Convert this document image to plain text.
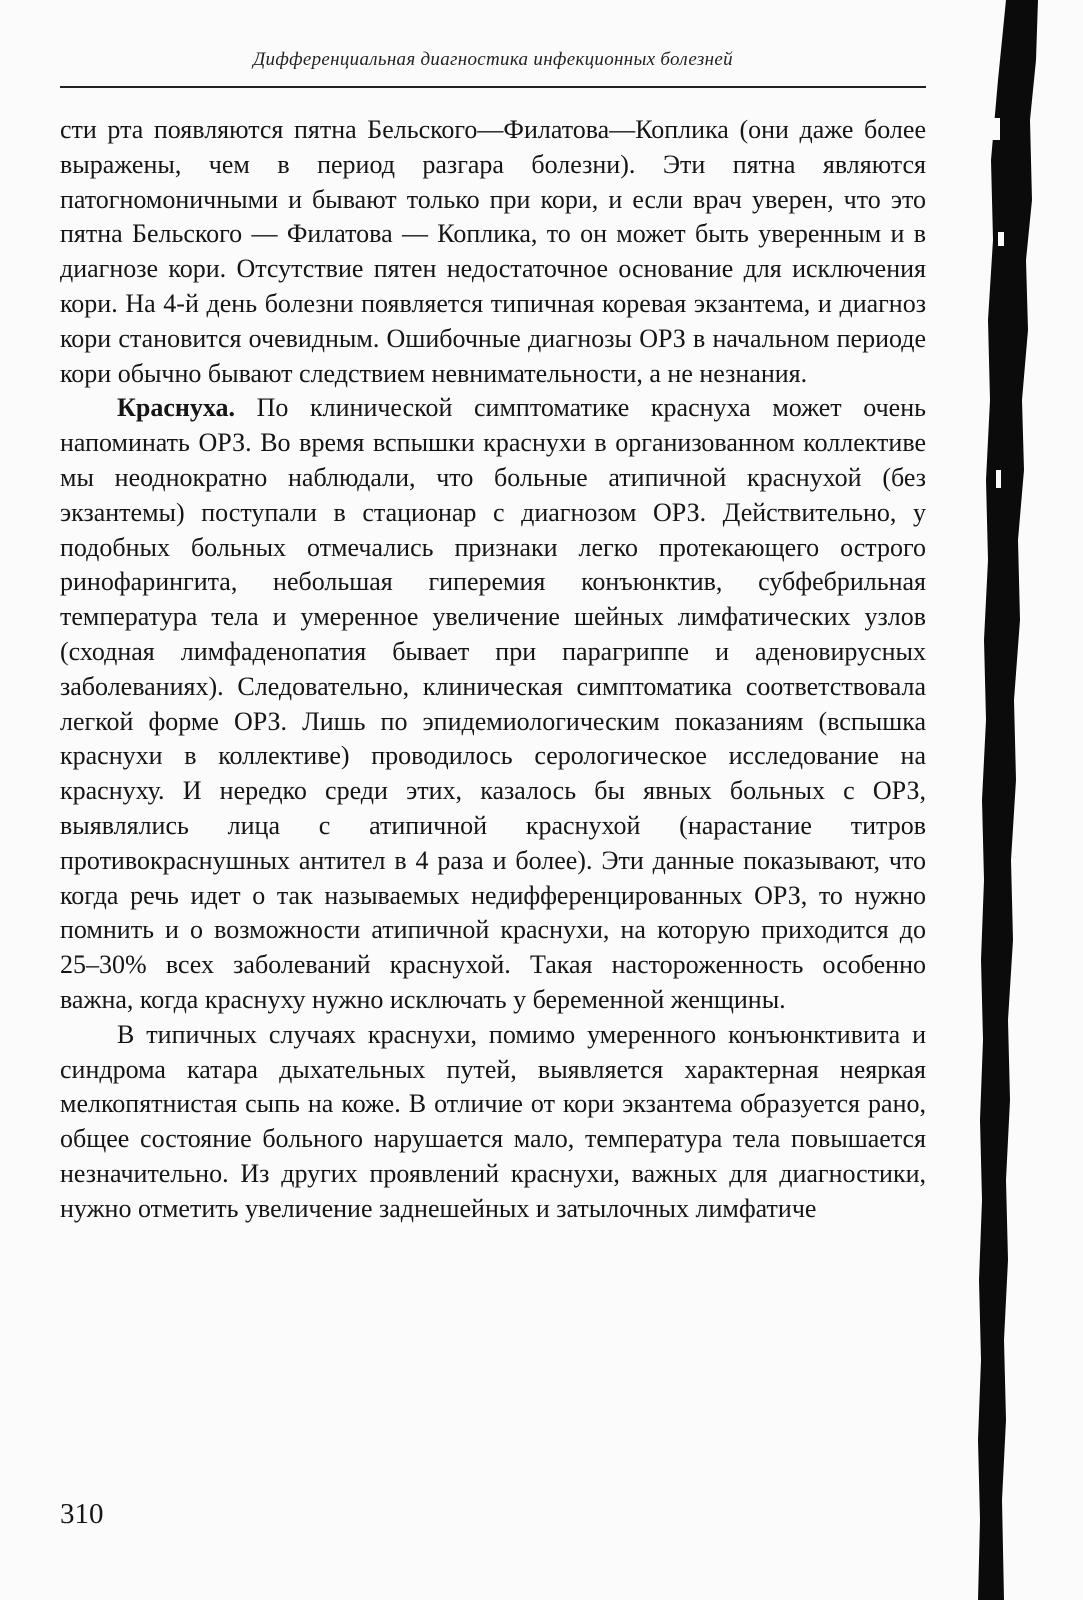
Дифференциальная диагностика инфекционных болезней

сти рта появляются пятна Бельского—Филатова—Коплика (они даже более выражены, чем в период разгара болезни). Эти пятна являются патогномоничными и бывают только при кори, и если врач уверен, что это пятна Бельского — Филатова — Коплика, то он может быть уверенным и в диагнозе кори. Отсутствие пятен недостаточное основание для исключения кори. На 4-й день болезни появляется типичная коревая экзантема, и диагноз кори становится очевидным. Ошибочные диагнозы ОРЗ в начальном периоде кори обычно бывают следствием невнимательности, а не незнания.

Краснуха. По клинической симптоматике краснуха может очень напоминать ОРЗ. Во время вспышки краснухи в организованном коллективе мы неоднократно наблюдали, что больные атипичной краснухой (без экзантемы) поступали в стационар с диагнозом ОРЗ. Действительно, у подобных больных отмечались признаки легко протекающего острого ринофарингита, небольшая гиперемия конъюнктив, субфебрильная температура тела и умеренное увеличение шейных лимфатических узлов (сходная лимфаденопатия бывает при парагриппе и аденовирусных заболеваниях). Следовательно, клиническая симптоматика соответствовала легкой форме ОРЗ. Лишь по эпидемиологическим показаниям (вспышка краснухи в коллективе) проводилось серологическое исследование на краснуху. И нередко среди этих, казалось бы явных больных с ОРЗ, выявлялись лица с атипичной краснухой (нарастание титров противокраснушных антител в 4 раза и более). Эти данные показывают, что когда речь идет о так называемых недифференцированных ОРЗ, то нужно помнить и о возможности атипичной краснухи, на которую приходится до 25–30% всех заболеваний краснухой. Такая настороженность особенно важна, когда краснуху нужно исключать у беременной женщины.

В типичных случаях краснухи, помимо умеренного конъюнктивита и синдрома катара дыхательных путей, выявляется характерная неяркая мелкопятнистая сыпь на коже. В отличие от кори экзантема образуется рано, общее состояние больного нарушается мало, температура тела повышается незначительно. Из других проявлений краснухи, важных для диагностики, нужно отметить увеличение заднешейных и затылочных лимфатиче

310
